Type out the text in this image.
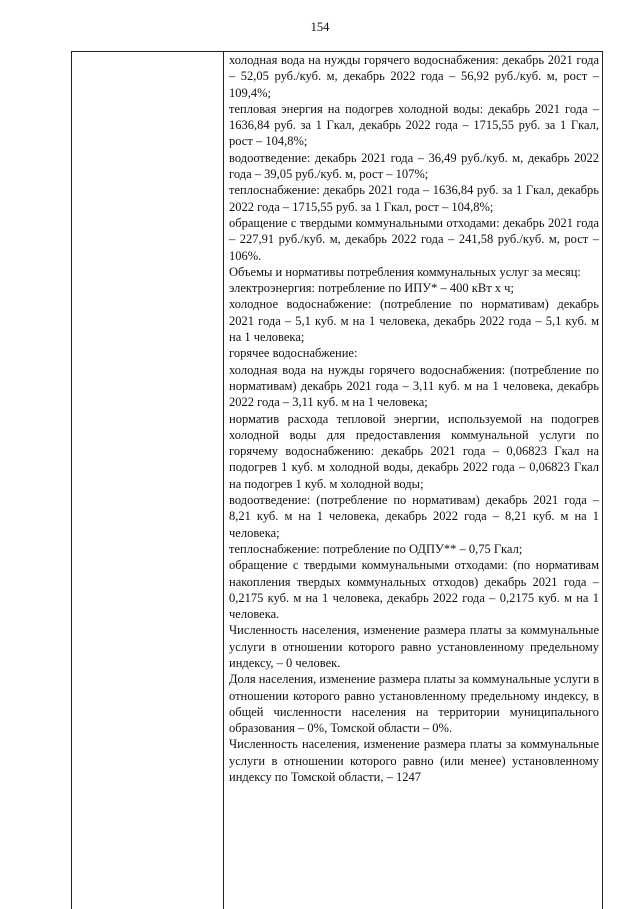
154

холодная вода на нужды горячего водоснабжения: декабрь 2021 года – 52,05 руб./куб. м, декабрь 2022 года – 56,92 руб./куб. м, рост – 109,4%;

тепловая энергия на подогрев холодной воды: декабрь 2021 года – 1636,84 руб. за 1 Гкал, декабрь 2022 года – 1715,55 руб. за 1 Гкал, рост – 104,8%;

водоотведение: декабрь 2021 года – 36,49 руб./куб. м, декабрь 2022 года – 39,05 руб./куб. м, рост – 107%;

теплоснабжение: декабрь 2021 года – 1636,84 руб. за 1 Гкал, декабрь 2022 года – 1715,55 руб. за 1 Гкал, рост – 104,8%;

обращение с твердыми коммунальными отходами: декабрь 2021 года – 227,91 руб./куб. м, декабрь 2022 года – 241,58 руб./куб. м, рост – 106%.

Объемы и нормативы потребления коммунальных услуг за месяц:

электроэнергия: потребление по ИПУ* – 400 кВт х ч;

холодное водоснабжение: (потребление по нормативам) декабрь 2021 года – 5,1 куб. м на 1 человека, декабрь 2022 года – 5,1 куб. м на 1 человека;

горячее водоснабжение:

холодная вода на нужды горячего водоснабжения: (потребление по нормативам) декабрь 2021 года – 3,11 куб. м на 1 человека, декабрь 2022 года – 3,11 куб. м на 1 человека;

норматив расхода тепловой энергии, используемой на подогрев холодной воды для предоставления коммунальной услуги по горячему водоснабжению: декабрь 2021 года – 0,06823 Гкал на подогрев 1 куб. м холодной воды, декабрь 2022 года – 0,06823 Гкал на подогрев 1 куб. м холодной воды;

водоотведение: (потребление по нормативам) декабрь 2021 года – 8,21 куб. м на 1 человека, декабрь 2022 года – 8,21 куб. м на 1 человека;

теплоснабжение: потребление по ОДПУ** – 0,75 Гкал;

обращение с твердыми коммунальными отходами: (по нормативам накопления твердых коммунальных отходов) декабрь 2021 года – 0,2175 куб. м на 1 человека, декабрь 2022 года – 0,2175 куб. м на 1 человека.

Численность населения, изменение размера платы за коммунальные услуги в отношении которого равно установленному предельному индексу, – 0 человек.

Доля населения, изменение размера платы за коммунальные услуги в отношении которого равно установленному предельному индексу, в общей численности населения на территории муниципального образования – 0%, Томской области – 0%.

Численность населения, изменение размера платы за коммунальные услуги в отношении которого равно (или менее) установленному индексу по Томской области, – 1247
